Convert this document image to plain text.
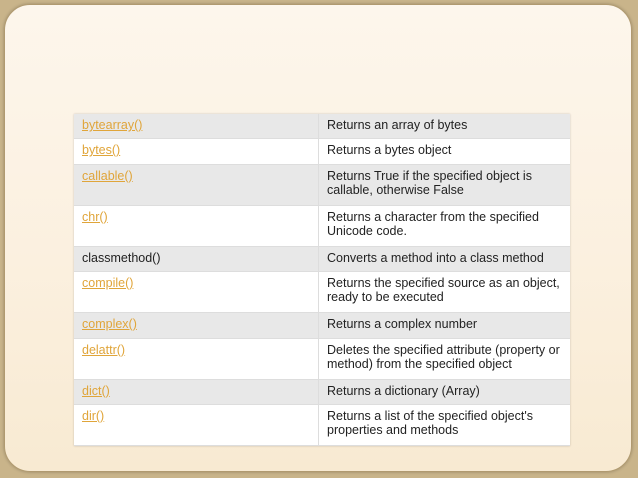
bytearray()	Returns an array of bytes
bytes()	Returns a bytes object
callable()	Returns True if the specified object is callable, otherwise False
chr()	Returns a character from the specified Unicode code.
classmethod()	Converts a method into a class method
compile()	Returns the specified source as an object, ready to be executed
complex()	Returns a complex number
delattr()	Deletes the specified attribute (property or method) from the specified object
dict()	Returns a dictionary (Array)
dir()	Returns a list of the specified object's properties and methods
